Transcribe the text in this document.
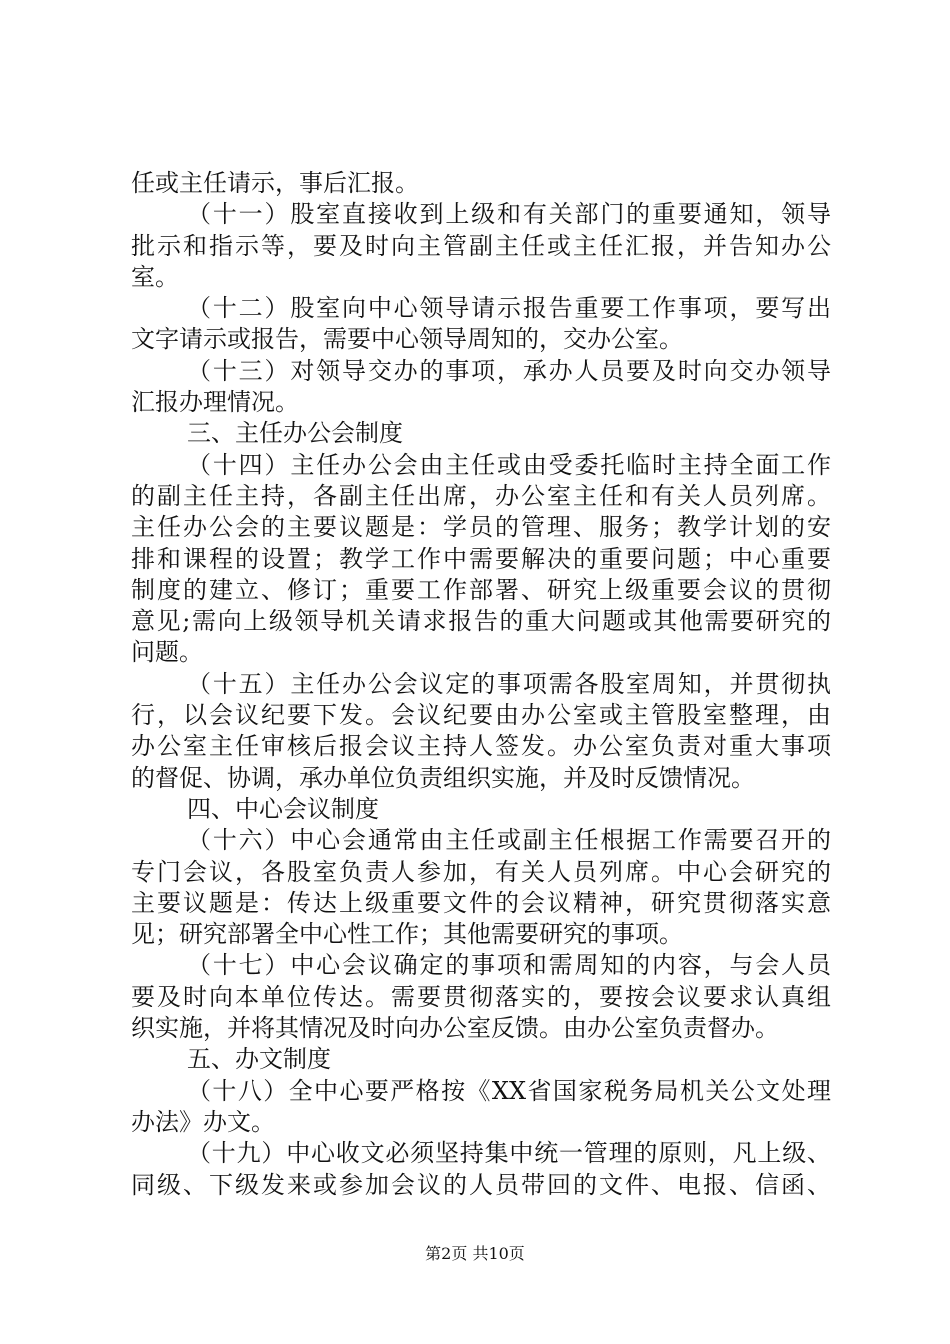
任或主任请示，事后汇报。
（十一）股室直接收到上级和有关部门的重要通知，领导
批示和指示等，要及时向主管副主任或主任汇报，并告知办公
室。
（十二）股室向中心领导请示报告重要工作事项，要写出
文字请示或报告，需要中心领导周知的，交办公室。
（十三）对领导交办的事项，承办人员要及时向交办领导
汇报办理情况。
三、主任办公会制度
（十四）主任办公会由主任或由受委托临时主持全面工作
的副主任主持，各副主任出席，办公室主任和有关人员列席。
主任办公会的主要议题是：学员的管理、服务；教学计划的安
排和课程的设置；教学工作中需要解决的重要问题；中心重要
制度的建立、修订；重要工作部署、研究上级重要会议的贯彻
意见;需向上级领导机关请求报告的重大问题或其他需要研究的
问题。
（十五）主任办公会议定的事项需各股室周知，并贯彻执
行，以会议纪要下发。会议纪要由办公室或主管股室整理，由
办公室主任审核后报会议主持人签发。办公室负责对重大事项
的督促、协调，承办单位负责组织实施，并及时反馈情况。
四、中心会议制度
（十六）中心会通常由主任或副主任根据工作需要召开的
专门会议，各股室负责人参加，有关人员列席。中心会研究的
主要议题是：传达上级重要文件的会议精神，研究贯彻落实意
见；研究部署全中心性工作；其他需要研究的事项。
（十七）中心会议确定的事项和需周知的内容，与会人员
要及时向本单位传达。需要贯彻落实的，要按会议要求认真组
织实施，并将其情况及时向办公室反馈。由办公室负责督办。
五、办文制度
（十八）全中心要严格按《XX省国家税务局机关公文处理
办法》办文。
（十九）中心收文必须坚持集中统一管理的原则，凡上级、
同级、下级发来或参加会议的人员带回的文件、电报、信函、
第2页 共10页
